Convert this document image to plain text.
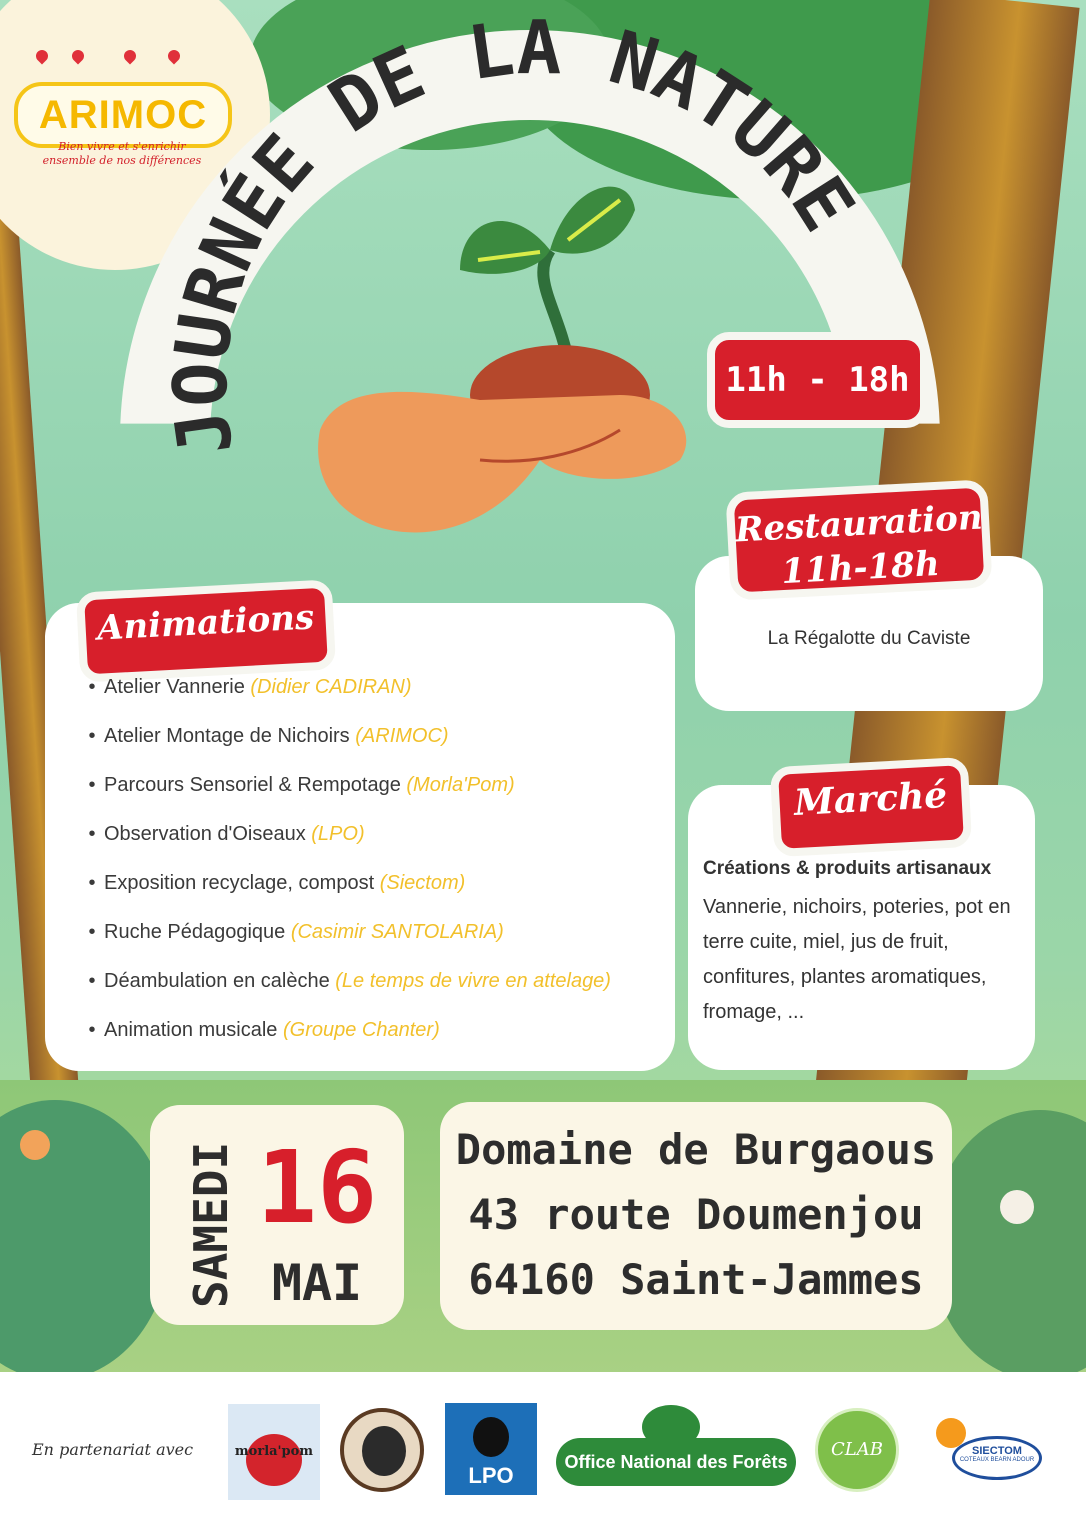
ARIMOC
Bien vivre et s'enrichir ensemble de nos différences
JOURNÉE DE LA NATURE
11h - 18h
Restauration
11h-18h
La Régalotte du Caviste
Animations
• Atelier Vannerie (Didier CADIRAN)
• Atelier Montage de Nichoirs (ARIMOC)
• Parcours Sensoriel & Rempotage (Morla'Pom)
• Observation d'Oiseaux (LPO)
• Exposition recyclage, compost (Siectom)
• Ruche Pédagogique (Casimir SANTOLARIA)
• Déambulation en calèche (Le temps de vivre en attelage)
• Animation musicale (Groupe Chanter)
Marché
Créations & produits artisanaux
Vannerie, nichoirs, poteries, pot en terre cuite, miel, jus de fruit, confitures, plantes aromatiques, fromage, ...
SAMEDI 16
MAI
Domaine de Burgaous
43 route Doumenjou
64160 Saint-Jammes
En partenariat avec	morla'pom
LPO
Office National des Forêts
CLAB	SIECTOM
COTEAUX BEARN ADOUR
